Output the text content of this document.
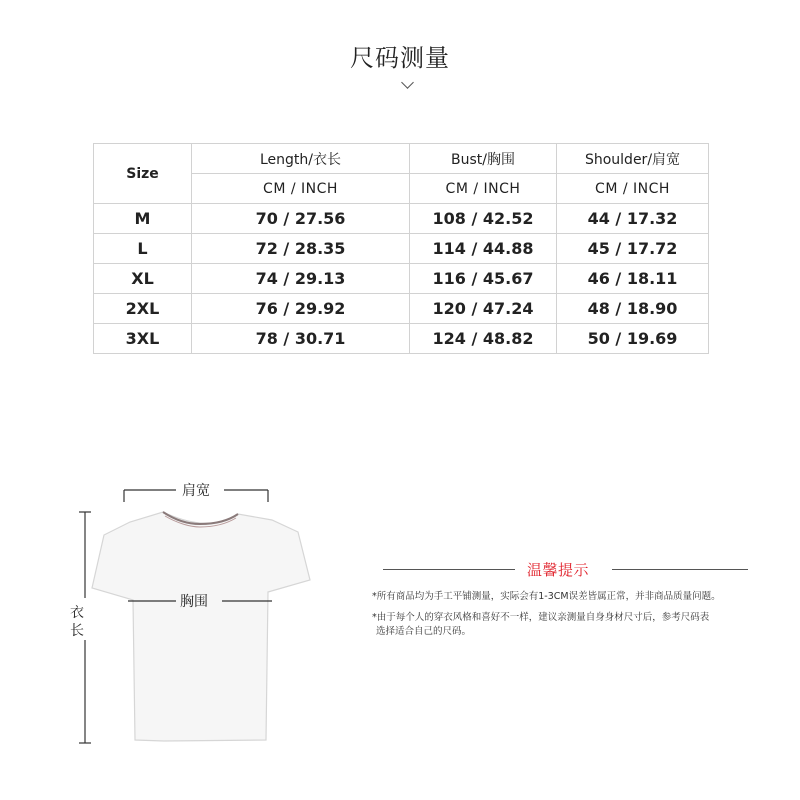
尺码测量
Size	Length/衣长	Bust/胸围	Shoulder/肩宽
	CM / INCH	CM / INCH	CM / INCH
M	70 / 27.56	108 / 42.52	44 / 17.32
L	72 / 28.35	114 / 44.88	45 / 17.72
XL	74 / 29.13	116 / 45.67	46 / 18.11
2XL	76 / 29.92	120 / 47.24	48 / 18.90
3XL	78 / 30.71	124 / 48.82	50 / 19.69
肩宽
胸围
衣
长
温馨提示
*所有商品均为手工平铺测量，实际会有1-3CM误差皆属正常，并非商品质量问题。
*由于每个人的穿衣风格和喜好不一样，建议亲测量自身身材尺寸后，参考尺码表
选择适合自己的尺码。
